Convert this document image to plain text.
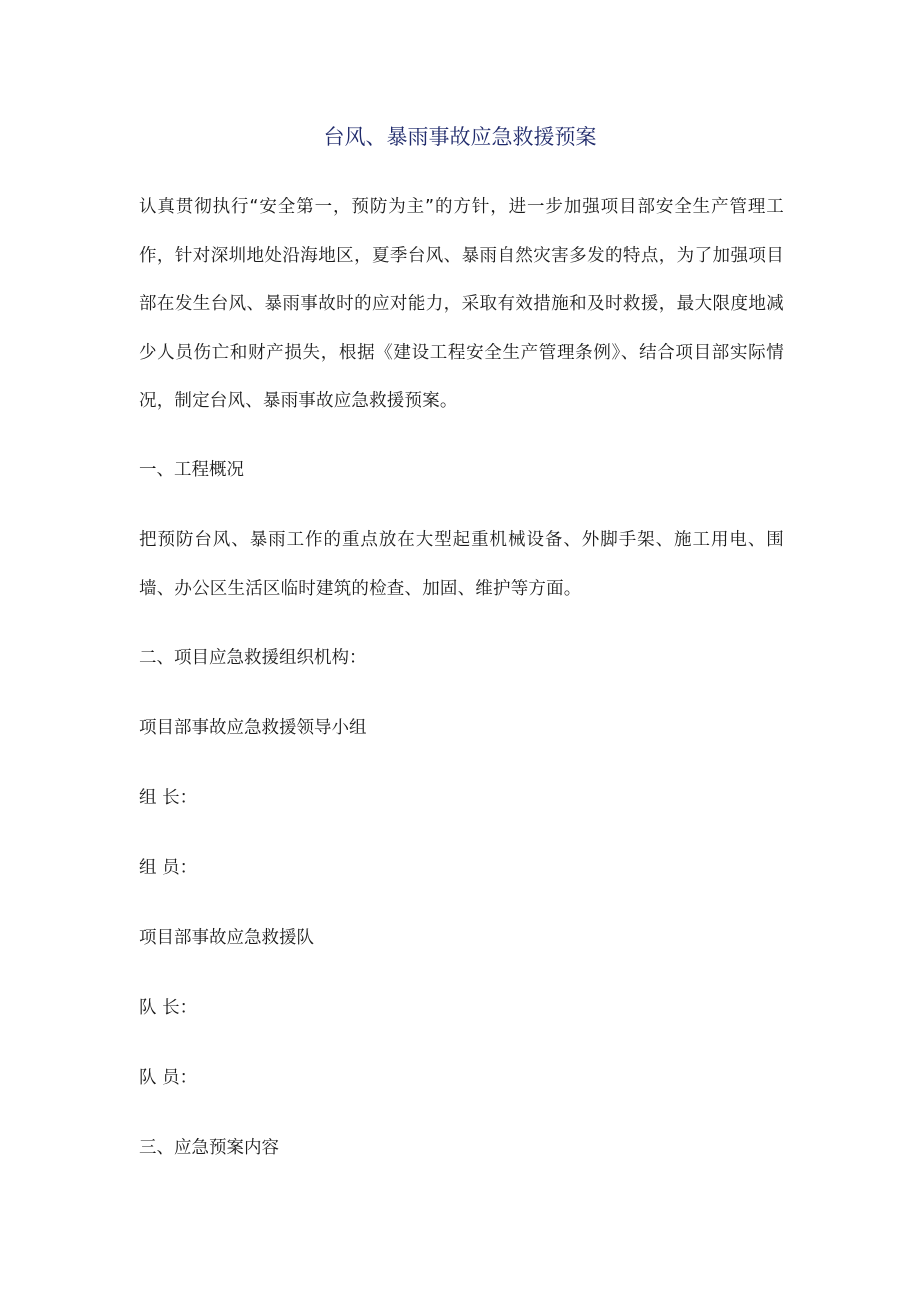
台风、暴雨事故应急救援预案

认真贯彻执行“安全第一，预防为主”的方针，进一步加强项目部安全生产管理工作，针对深圳地处沿海地区，夏季台风、暴雨自然灾害多发的特点，为了加强项目部在发生台风、暴雨事故时的应对能力，采取有效措施和及时救援，最大限度地减少人员伤亡和财产损失，根据《建设工程安全生产管理条例》、结合项目部实际情况，制定台风、暴雨事故应急救援预案。

一、工程概况

把预防台风、暴雨工作的重点放在大型起重机械设备、外脚手架、施工用电、围墙、办公区生活区临时建筑的检查、加固、维护等方面。

二、项目应急救援组织机构：

项目部事故应急救援领导小组

组 长：

组 员：

项目部事故应急救援队

队 长：

队 员：

三、应急预案内容
